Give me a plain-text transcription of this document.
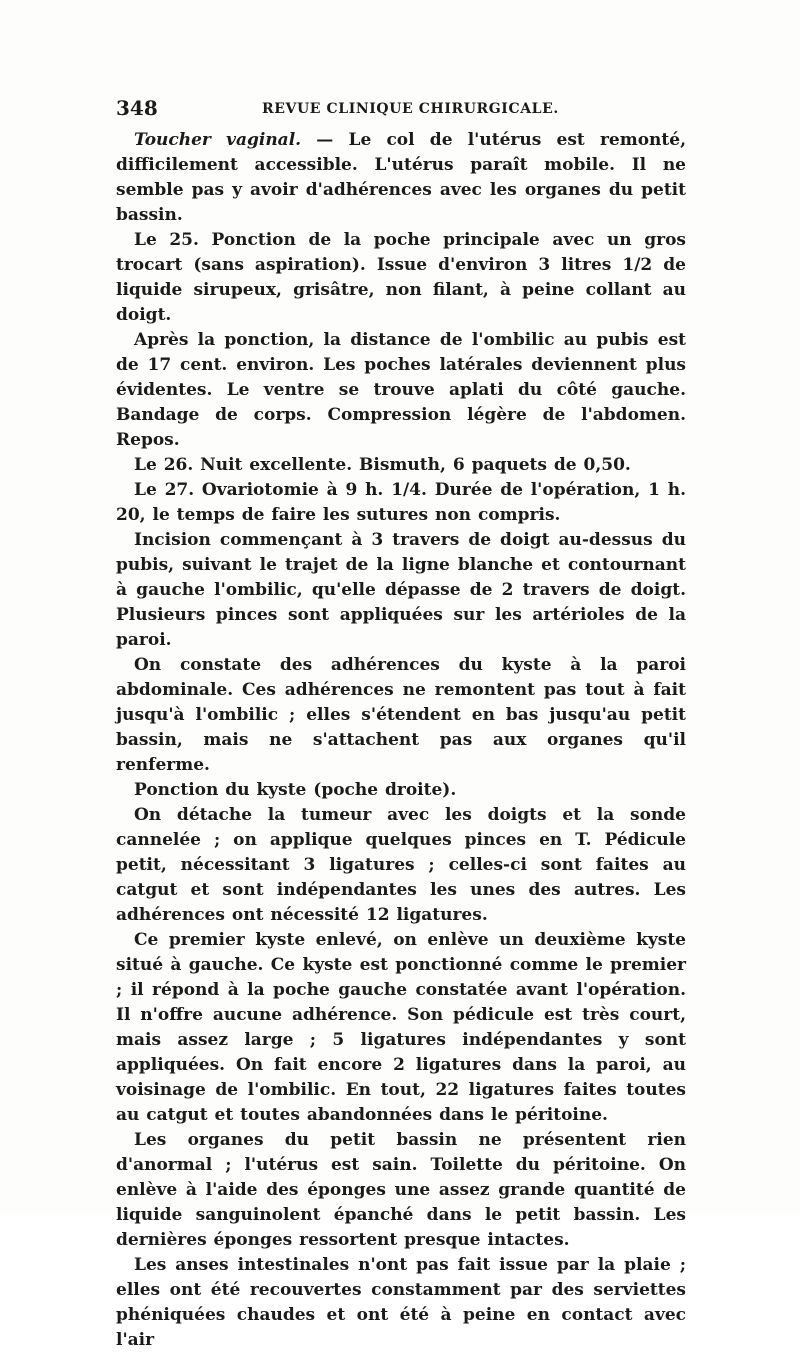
348	REVUE CLINIQUE CHIRURGICALE.

Toucher vaginal. — Le col de l'utérus est remonté, difficilement accessible. L'utérus paraît mobile. Il ne semble pas y avoir d'adhérences avec les organes du petit bassin.

Le 25. Ponction de la poche principale avec un gros trocart (sans aspiration). Issue d'environ 3 litres 1/2 de liquide sirupeux, grisâtre, non filant, à peine collant au doigt.

Après la ponction, la distance de l'ombilic au pubis est de 17 cent. environ. Les poches latérales deviennent plus évidentes. Le ventre se trouve aplati du côté gauche. Bandage de corps. Compression légère de l'abdomen. Repos.

Le 26. Nuit excellente. Bismuth, 6 paquets de 0,50.

Le 27. Ovariotomie à 9 h. 1/4. Durée de l'opération, 1 h. 20, le temps de faire les sutures non compris.

Incision commençant à 3 travers de doigt au-dessus du pubis, suivant le trajet de la ligne blanche et contournant à gauche l'ombilic, qu'elle dépasse de 2 travers de doigt. Plusieurs pinces sont appliquées sur les artérioles de la paroi.

On constate des adhérences du kyste à la paroi abdominale. Ces adhérences ne remontent pas tout à fait jusqu'à l'ombilic ; elles s'étendent en bas jusqu'au petit bassin, mais ne s'attachent pas aux organes qu'il renferme.

Ponction du kyste (poche droite).

On détache la tumeur avec les doigts et la sonde cannelée ; on applique quelques pinces en T. Pédicule petit, nécessitant 3 ligatures ; celles-ci sont faites au catgut et sont indépendantes les unes des autres. Les adhérences ont nécessité 12 ligatures.

Ce premier kyste enlevé, on enlève un deuxième kyste situé à gauche. Ce kyste est ponctionné comme le premier ; il répond à la poche gauche constatée avant l'opération. Il n'offre aucune adhérence. Son pédicule est très court, mais assez large ; 5 ligatures indépendantes y sont appliquées. On fait encore 2 ligatures dans la paroi, au voisinage de l'ombilic. En tout, 22 ligatures faites toutes au catgut et toutes abandonnées dans le péritoine.

Les organes du petit bassin ne présentent rien d'anormal ; l'utérus est sain. Toilette du péritoine. On enlève à l'aide des éponges une assez grande quantité de liquide sanguinolent épanché dans le petit bassin. Les dernières éponges ressortent presque intactes.

Les anses intestinales n'ont pas fait issue par la plaie ; elles ont été recouvertes constamment par des serviettes phéniquées chaudes et ont été à peine en contact avec l'air
